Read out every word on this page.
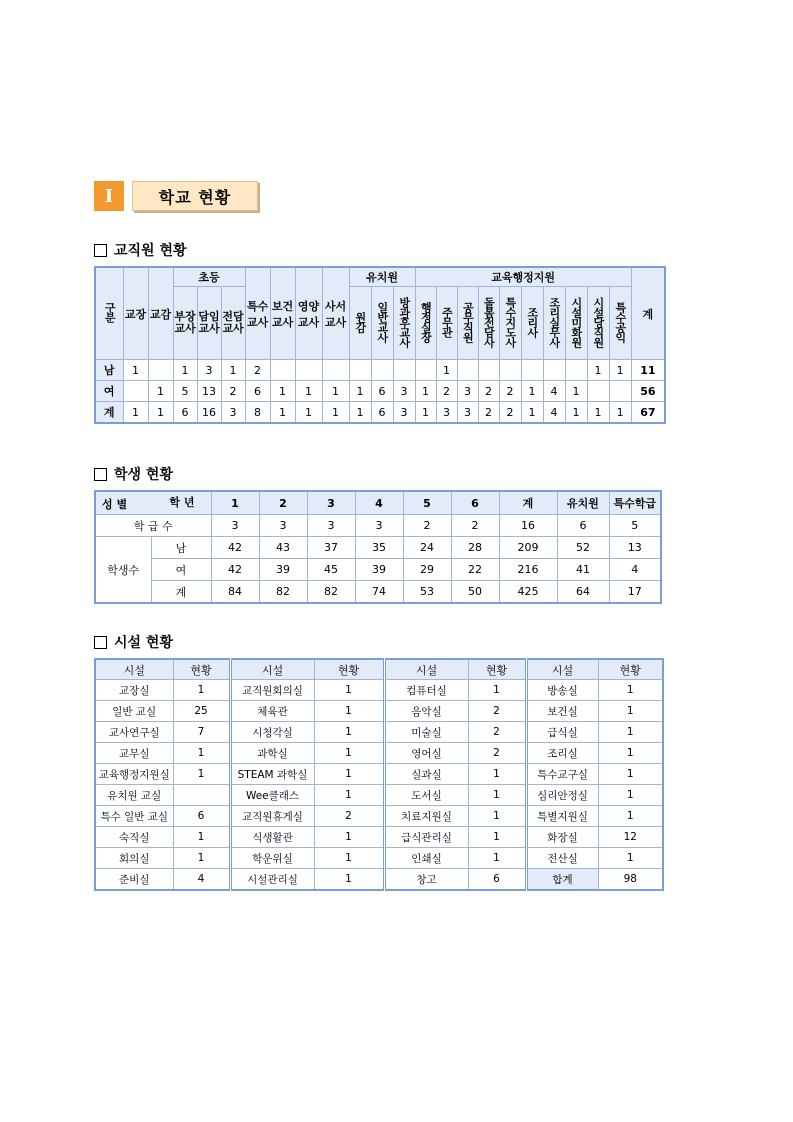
Ⅰ	학교 현황
교직원 현황
구분	교장	교감	초등			특수교사	보건교사	영양교사	사서교사	유치원			교육행정지원										계
			부장교사	담임교사	전담교사					원감	일반교사	방과후교사	행정실장	주무관	공무직원	돌봄전담사	특수지도사	조리사	조리실무사	시설미화원	시설당직원	특수공익	
남	1		1	3	1	2								1							1	1	11
여		1	5	13	2	6	1	1	1	1	6	3	1	2	3	2	2	1	4	1			56
계	1	1	6	16	3	8	1	1	1	1	6	3	1	3	3	2	2	1	4	1	1	1	67
학생 현황
학 년
성 별		1	2	3	4	5	6	계	유치원	특수학급
학 급 수		3	3	3	3	2	2	16	6	5
학생수	남	42	43	37	35	24	28	209	52	13
	여	42	39	45	39	29	22	216	41	4
	계	84	82	82	74	53	50	425	64	17
시설 현황
시설	현황	시설	현황	시설	현황	시설	현황
교장실	1	교직원회의실	1	컴퓨터실	1	방송실	1
일반 교실	25	체육관	1	음악실	2	보건실	1
교사연구실	7	시청각실	1	미술실	2	급식실	1
교무실	1	과학실	1	영어실	2	조리실	1
교육행정지원실	1	STEAM 과학실	1	실과실	1	특수교구실	1
유치원 교실		Wee클래스	1	도서실	1	심리안정실	1
특수 일반 교실	6	교직원휴게실	2	치료지원실	1	특별지원실	1
숙직실	1	식생활관	1	급식관리실	1	화장실	12
회의실	1	학운위실	1	인쇄실	1	전산실	1
준비실	4	시설관리실	1	창고	6	합계	98
